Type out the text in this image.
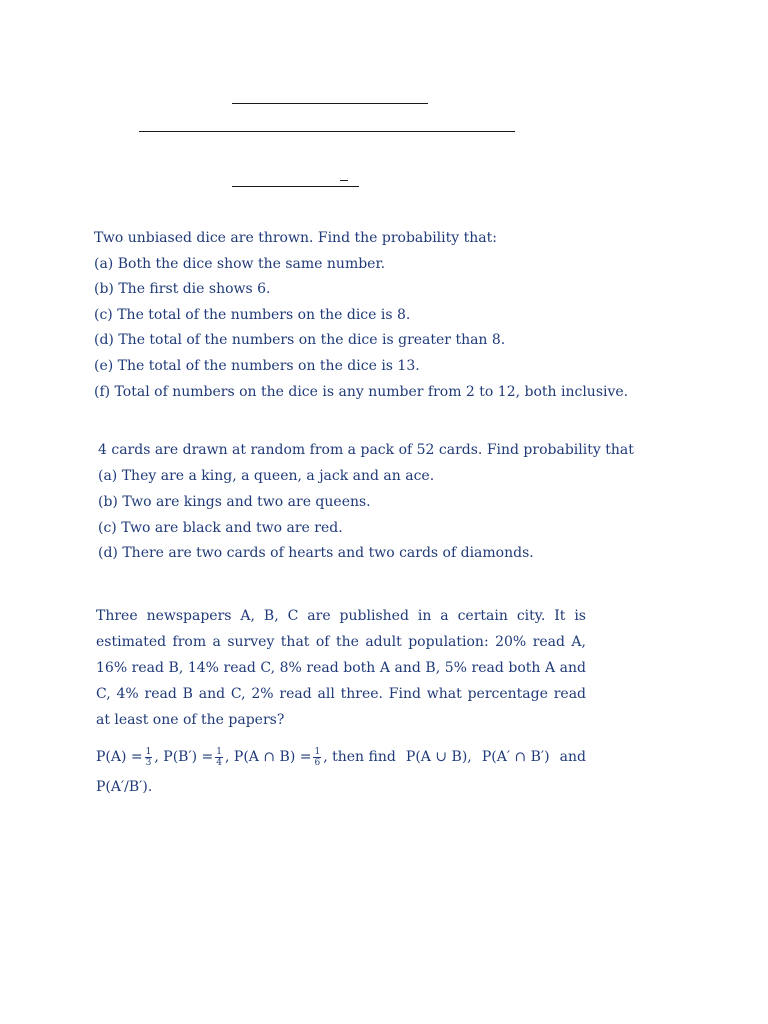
Two unbiased dice are thrown. Find the probability that:
(a) Both the dice show the same number.
(b) The first die shows 6.
(c) The total of the numbers on the dice is 8.
(d) The total of the numbers on the dice is greater than 8.
(e) The total of the numbers on the dice is 13.
(f) Total of numbers on the dice is any number from 2 to 12, both inclusive.
4 cards are drawn at random from a pack of 52 cards. Find probability that
(a) They are a king, a queen, a jack and an ace.
(b) Two are kings and two are queens.
(c) Two are black and two are red.
(d) There are two cards of hearts and two cards of diamonds.
Three newspapers A, B, C are published in a certain city. It is estimated from a survey that of the adult population: 20% read A, 16% read B, 14% read C, 8% read both A and B, 5% read both A and C, 4% read B and C, 2% read all three. Find what percentage read at least one of the papers?
$P(A) = \frac{1}{3}$ , $P(B') = \frac{1}{4}$ , P(A ∩ $B) = \frac{1}{6}$ , then find P(A ∪ B), P(A′ ∩ B′) and
P(A′/B′).
